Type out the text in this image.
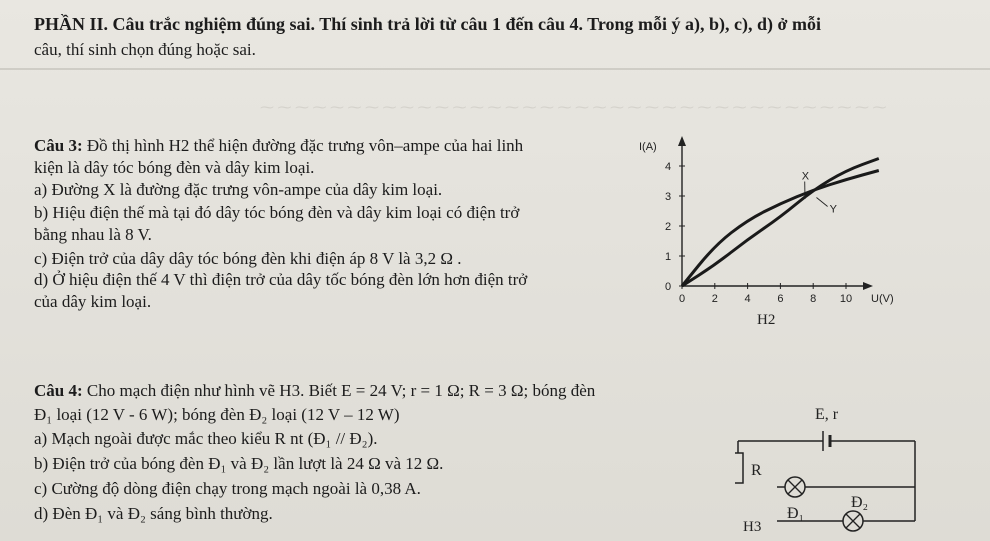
⁓ ⁓ ⁓ ⁓ ⁓ ⁓ ⁓ ⁓ ⁓ ⁓ ⁓ ⁓ ⁓ ⁓ ⁓ ⁓ ⁓ ⁓ ⁓ ⁓ ⁓ ⁓ ⁓ ⁓ ⁓ ⁓ ⁓ ⁓ ⁓ ⁓ ⁓ ⁓ ⁓ ⁓ ⁓ ⁓
PHẦN II. Câu trắc nghiệm đúng sai. Thí sinh trả lời từ câu 1 đến câu 4. Trong mỗi ý a), b), c), d) ở mỗi
câu, thí sinh chọn đúng hoặc sai.
Câu 3: Đồ thị hình H2 thể hiện đường đặc trưng vôn–ampe của hai linh
kiện là dây tóc bóng đèn và dây kim loại.
a) Đường X là đường đặc trưng vôn-ampe của dây kim loại.
b) Hiệu điện thế mà tại đó dây tóc bóng đèn và dây kim loại có điện trở
bằng nhau là 8 V.
c) Điện trở của dây dây tóc bóng đèn khi điện áp 8 V là 3,2 Ω .
d) Ở hiệu điện thế 4 V thì điện trở của dây tốc bóng đèn lớn hơn điện trở
của dây kim loại.
I(A)
U(V)
0 2 4 6 8 10
0
1
2
3
4
X
Y
H2
Câu 4: Cho mạch điện như hình vẽ H3. Biết E = 24 V; r = 1 Ω; R = 3 Ω; bóng đèn
Đ₁ loại (12 V - 6 W); bóng đèn Đ₂ loại (12 V – 12 W)
a) Mạch ngoài được mắc theo kiểu R nt (Đ₁ // Đ₂).
b) Điện trở của bóng đèn Đ₁ và Đ₂ lần lượt là 24 Ω và 12 Ω.
c) Cường độ dòng điện chạy trong mạch ngoài là 0,38 A.
d) Đèn Đ₁ và Đ₂ sáng bình thường.
E, r
R
Đ₂
Đ₁
H3
